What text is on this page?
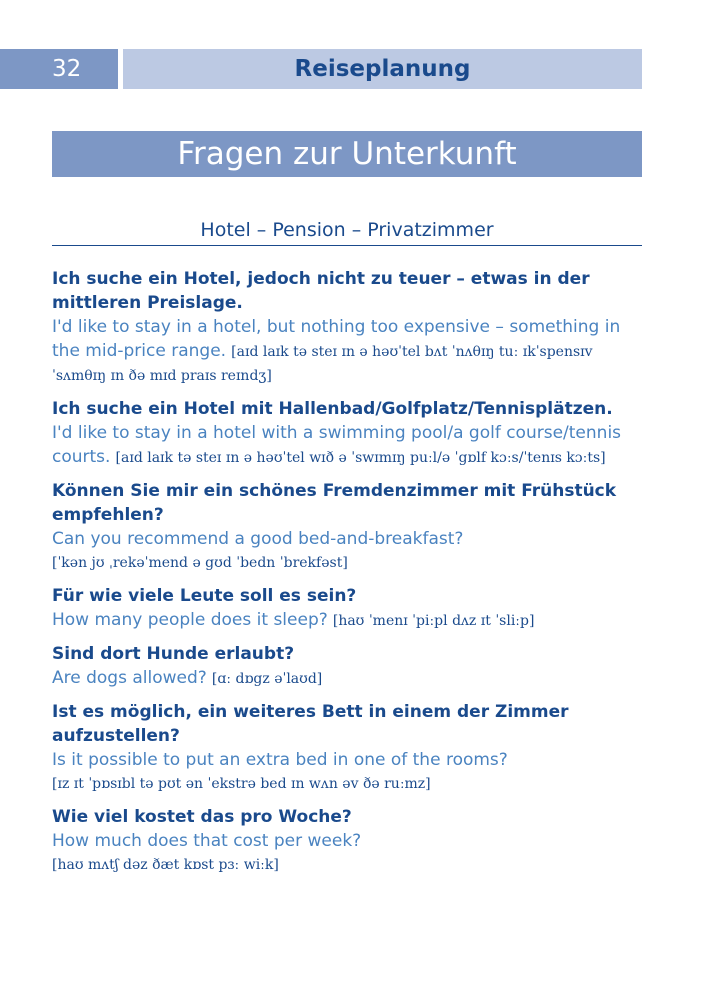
32	Reiseplanung
Fragen zur Unterkunft
Hotel – Pension – Privatzimmer
Ich suche ein Hotel, jedoch nicht zu teuer – etwas in der mittleren Preislage.
I'd like to stay in a hotel, but nothing too expensive – something in the mid-price range. [aɪd laɪk tə steɪ ɪn ə həʊˈtel bʌt ˈnʌθɪŋ tuː ɪkˈspensɪv ˈsʌmθɪŋ ɪn ðə mɪd praɪs reɪndʒ]
Ich suche ein Hotel mit Hallenbad/Golfplatz/Tennisplätzen.
I'd like to stay in a hotel with a swimming pool/a golf course/tennis courts. [aɪd laɪk tə steɪ ɪn ə həʊˈtel wɪð ə ˈswɪmɪŋ puːl/ə ˈgɒlf kɔːs/ˈtenɪs kɔːts]
Können Sie mir ein schönes Fremdenzimmer mit Frühstück empfehlen?
Can you recommend a good bed-and-breakfast?
[ˈkən jʊ ˌrekəˈmend ə gʊd ˈbedn ˈbrekfəst]
Für wie viele Leute soll es sein?
How many people does it sleep? [haʊ ˈmenɪ ˈpiːpl dʌz ɪt ˈsliːp]
Sind dort Hunde erlaubt?
Are dogs allowed? [ɑː dɒgz əˈlaʊd]
Ist es möglich, ein weiteres Bett in einem der Zimmer aufzustellen?
Is it possible to put an extra bed in one of the rooms?
[ɪz ɪt ˈpɒsɪbl tə pʊt ən ˈekstrə bed ɪn wʌn əv ðə ruːmz]
Wie viel kostet das pro Woche?
How much does that cost per week?
[haʊ mʌtʃ dəz ðæt kɒst pɜː wiːk]
